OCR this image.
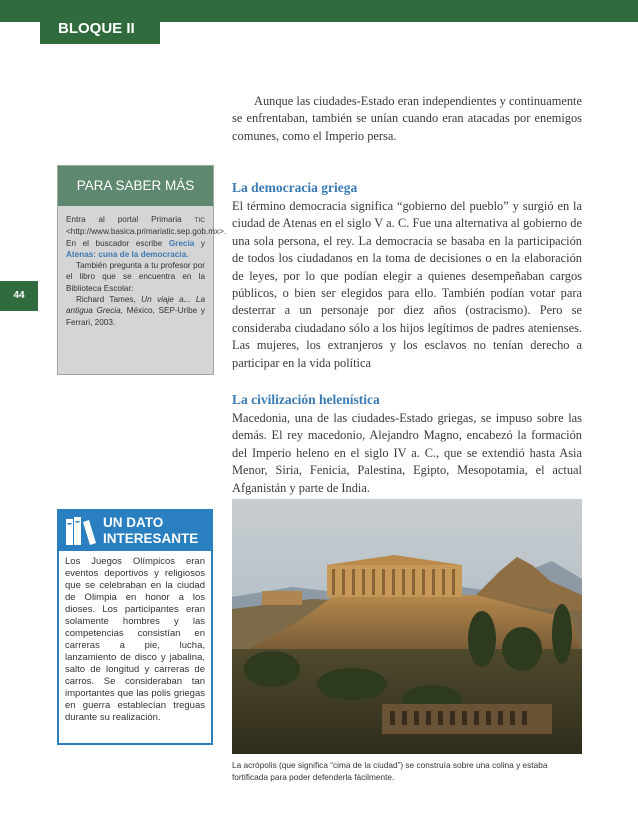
BLOQUE II
44

Aunque las ciudades-Estado eran independientes y continuamente se enfrentaban, también se unían cuando eran atacadas por enemigos comunes, como el Imperio persa.

La democracia griega

El término democracia significa “gobierno del pueblo” y surgió en la ciudad de Atenas en el siglo V a. C. Fue una alternativa al gobierno de una sola persona, el rey. La democracia se basaba en la participación de todos los ciudadanos en la toma de decisiones o en la elaboración de leyes, por lo que podían elegir a quienes desempeñaban cargos públicos, o bien ser elegidos para ello. También podían votar para desterrar a un personaje por diez años (ostracismo). Pero se consideraba ciudadano sólo a los hijos legítimos de padres atenienses. Las mujeres, los extranjeros y los esclavos no tenían derecho a participar en la vida política

La civilización helenística

Macedonia, una de las ciudades-Estado griegas, se impuso sobre las demás. El rey macedonio, Alejandro Magno, encabezó la formación del Imperio heleno en el siglo IV a. C., que se extendió hasta Asia Menor, Siria, Fenicia, Palestina, Egipto, Mesopotamia, el actual Afganistán y parte de India.

PARA SABER MÁS

Entra al portal Primaria TIC <http://www.basica.primariatic.sep.gob.mx>. En el buscador escribe Grecia y Atenas: cuna de la democracia.

También pregunta a tu profesor por el libro que se encuentra en la Biblioteca Escolar:

Richard Tames, Un viaje a... La antigua Grecia, México, SEP-Uribe y Ferrari, 2003.

UN DATO
INTERESANTE
Los Juegos Olímpicos eran eventos deportivos y religiosos que se celebraban en la ciudad de Olimpia en honor a los dioses. Los participantes eran solamente hombres y las competencias consistían en carreras a pie, lucha, lanzamiento de disco y jabalina, salto de longitud y carreras de carros. Se consideraban tan importantes que las polis griegas en guerra establecían treguas durante su realización.

La acrópolis (que significa “cima de la ciudad”) se construía sobre una colina y estaba fortificada para poder defenderla fácilmente.
